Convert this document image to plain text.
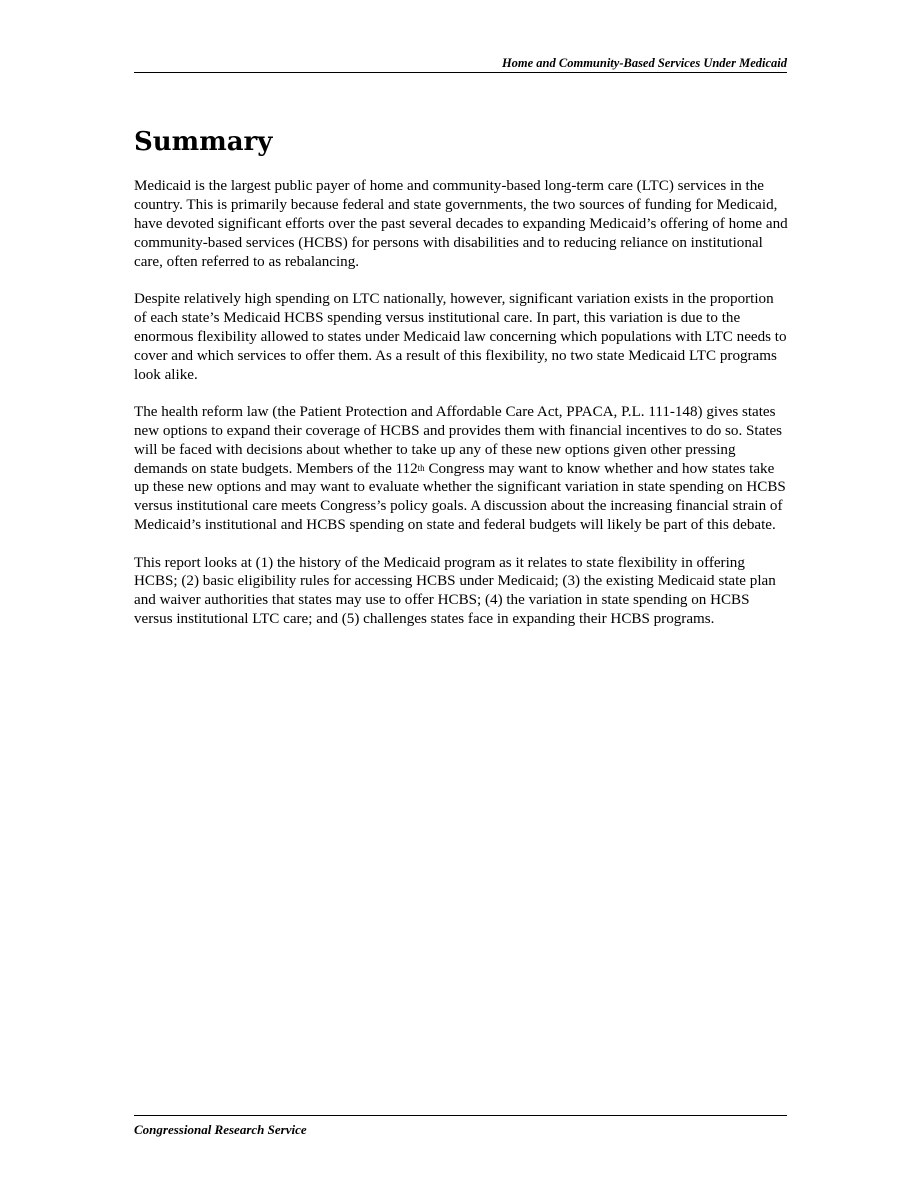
Home and Community-Based Services Under Medicaid
Summary

Medicaid is the largest public payer of home and community-based long-term care (LTC) services in the country. This is primarily because federal and state governments, the two sources of funding for Medicaid, have devoted significant efforts over the past several decades to expanding Medicaid’s offering of home and community-based services (HCBS) for persons with disabilities and to reducing reliance on institutional care, often referred to as rebalancing.

Despite relatively high spending on LTC nationally, however, significant variation exists in the proportion of each state’s Medicaid HCBS spending versus institutional care. In part, this variation is due to the enormous flexibility allowed to states under Medicaid law concerning which populations with LTC needs to cover and which services to offer them. As a result of this flexibility, no two state Medicaid LTC programs look alike.

The health reform law (the Patient Protection and Affordable Care Act, PPACA, P.L. 111-148) gives states new options to expand their coverage of HCBS and provides them with financial incentives to do so. States will be faced with decisions about whether to take up any of these new options given other pressing demands on state budgets. Members of the 112th Congress may want to know whether and how states take up these new options and may want to evaluate whether the significant variation in state spending on HCBS versus institutional care meets Congress’s policy goals. A discussion about the increasing financial strain of Medicaid’s institutional and HCBS spending on state and federal budgets will likely be part of this debate.

This report looks at (1) the history of the Medicaid program as it relates to state flexibility in offering HCBS; (2) basic eligibility rules for accessing HCBS under Medicaid; (3) the existing Medicaid state plan and waiver authorities that states may use to offer HCBS; (4) the variation in state spending on HCBS versus institutional LTC care; and (5) challenges states face in expanding their HCBS programs.

Congressional Research Service
